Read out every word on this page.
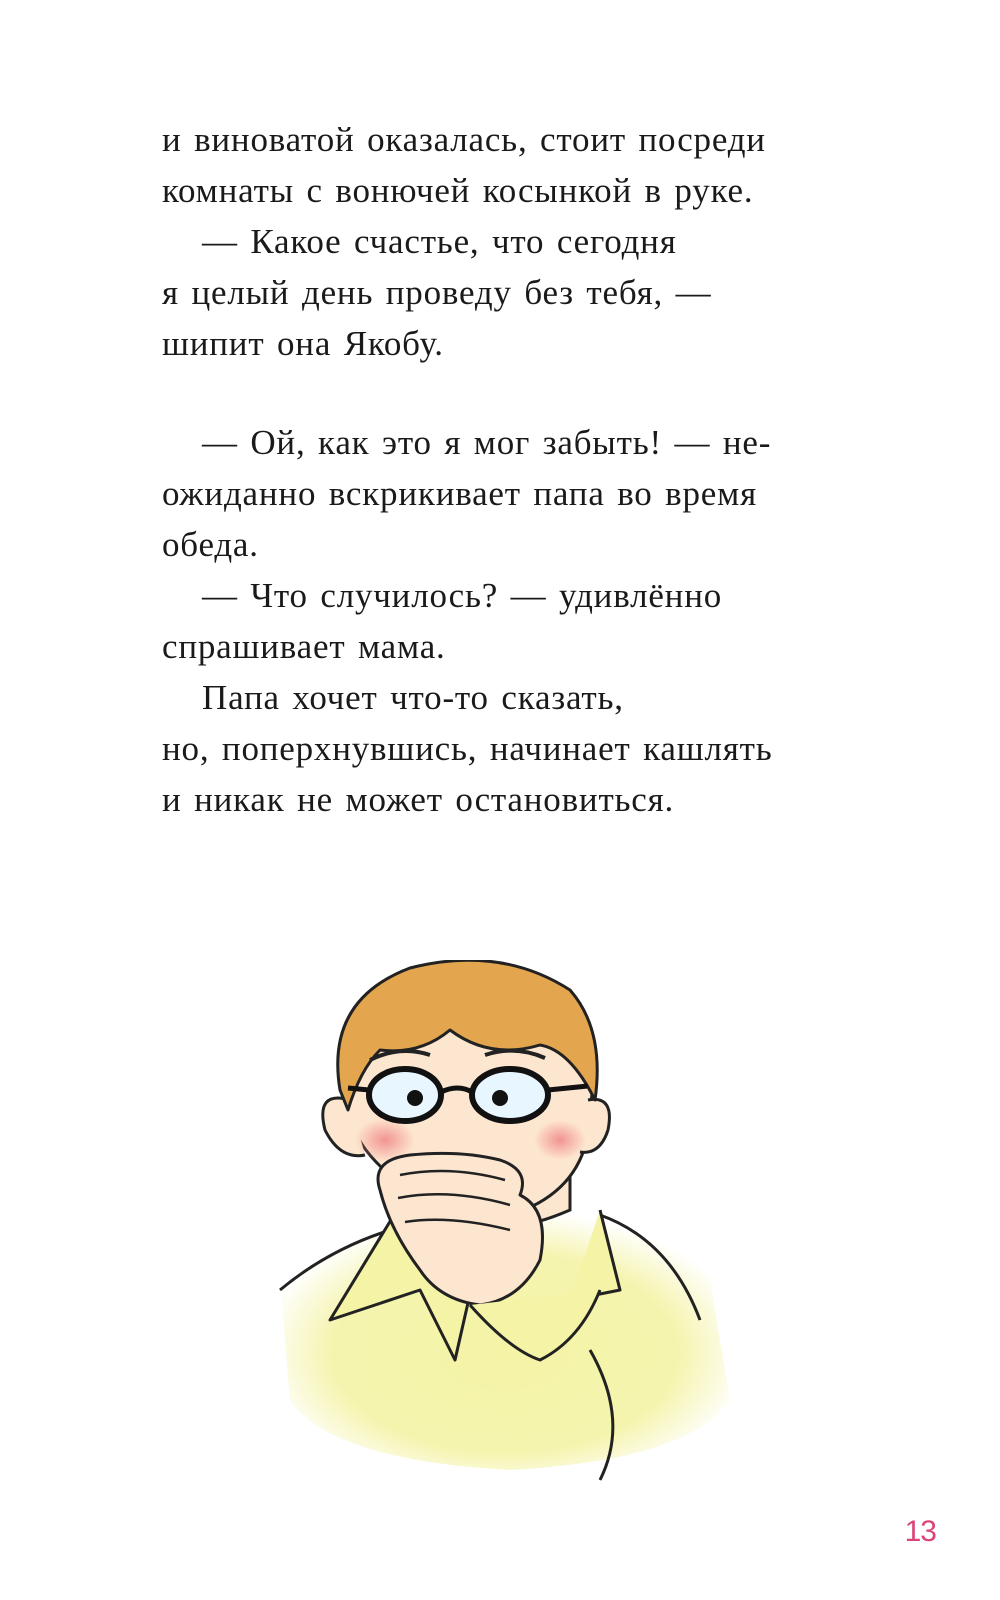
и виноватой оказалась, стоит посреди

комнаты с вонючей косынкой в руке.

— Какое счастье, что сегодня

я целый день проведу без тебя, —

шипит она Якобу.

— Ой, как это я мог забыть! — не-

ожиданно вскрикивает папа во время

обеда.

— Что случилось? — удивлённо

спрашивает мама.

Папа хочет что-то сказать,

но, поперхнувшись, начинает кашлять

и никак не может остановиться.

13
